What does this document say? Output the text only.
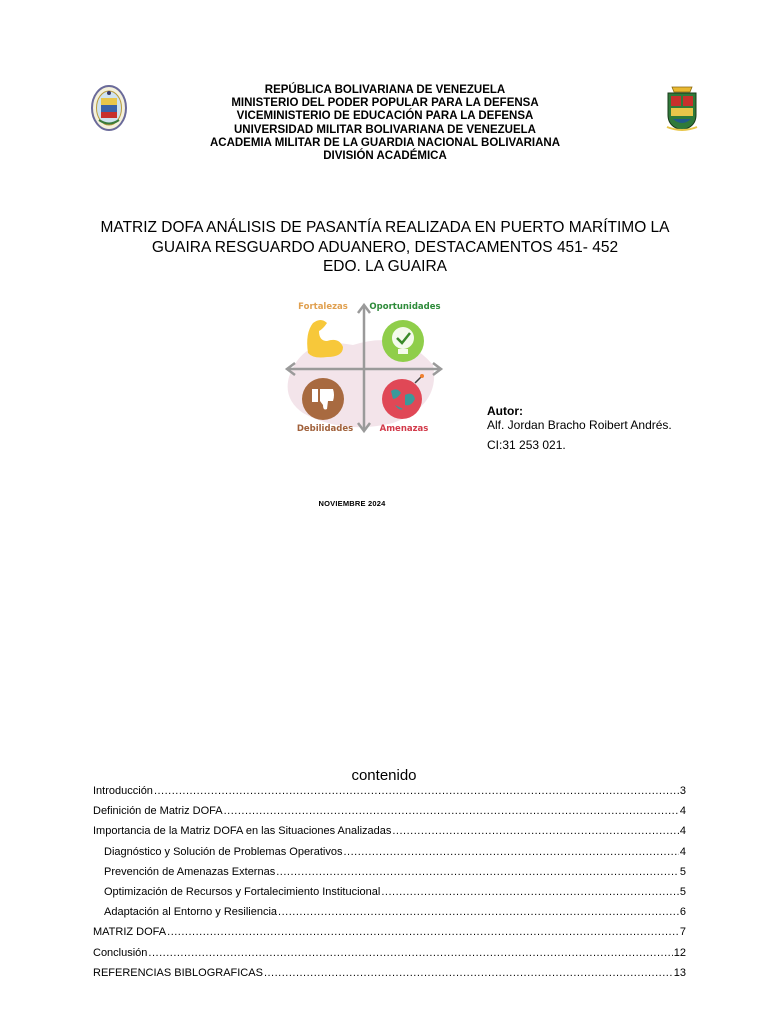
REPÚBLICA BOLIVARIANA DE VENEZUELA
MINISTERIO DEL PODER POPULAR PARA LA DEFENSA
VICEMINISTERIO DE EDUCACIÓN PARA LA DEFENSA
UNIVERSIDAD MILITAR BOLIVARIANA DE VENEZUELA
ACADEMIA MILITAR DE LA GUARDIA NACIONAL BOLIVARIANA
DIVISIÓN ACADÉMICA
MATRIZ DOFA ANÁLISIS DE PASANTÍA REALIZADA EN PUERTO MARÍTIMO LA
GUAIRA RESGUARDO ADUANERO, DESTACAMENTOS 451- 452
EDO. LA GUAIRA
Fortalezas	Oportunidades
Debilidades	Amenazas
Autor:
Alf. Jordan Bracho Roibert Andrés.
CI:31 253 021.
NOVIEMBRE 2024
contenido
Introducción .....	3
Definición de Matriz DOFA .....	4
Importancia de la Matriz DOFA en las Situaciones Analizadas .....	4
Diagnóstico y Solución de Problemas Operativos .....	4
Prevención de Amenazas Externas .....	5
Optimización de Recursos y Fortalecimiento Institucional .....	5
Adaptación al Entorno y Resiliencia .....	6
MATRIZ DOFA .....	7
Conclusión .....	12
REFERENCIAS BIBLOGRAFICAS .....	13
